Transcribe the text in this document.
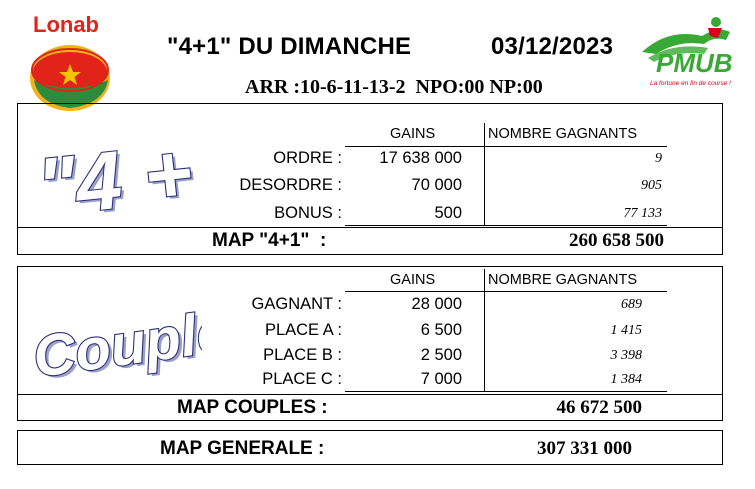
Lonab
"4+1" DU DIMANCHE	03/12/2023
PMUB
La fortune en fin de course !
ARR :10-6-11-13-2  NPO:00 NP:00
"4 +
"4 +	GAINS	NOMBRE GAGNANTS
ORDRE :	17 638 000	9
DESORDRE :	70 000	905
BONUS :	500	77 133
MAP "4+1"  :	260 658 500
Couplés
Couplés
GAINS	NOMBRE GAGNANTS
GAGNANT :	28 000	689
PLACE A :	6 500	1 415
PLACE B :	2 500	3 398
PLACE C :	7 000	1 384
MAP COUPLES :	46 672 500
MAP GENERALE :	307 331 000
